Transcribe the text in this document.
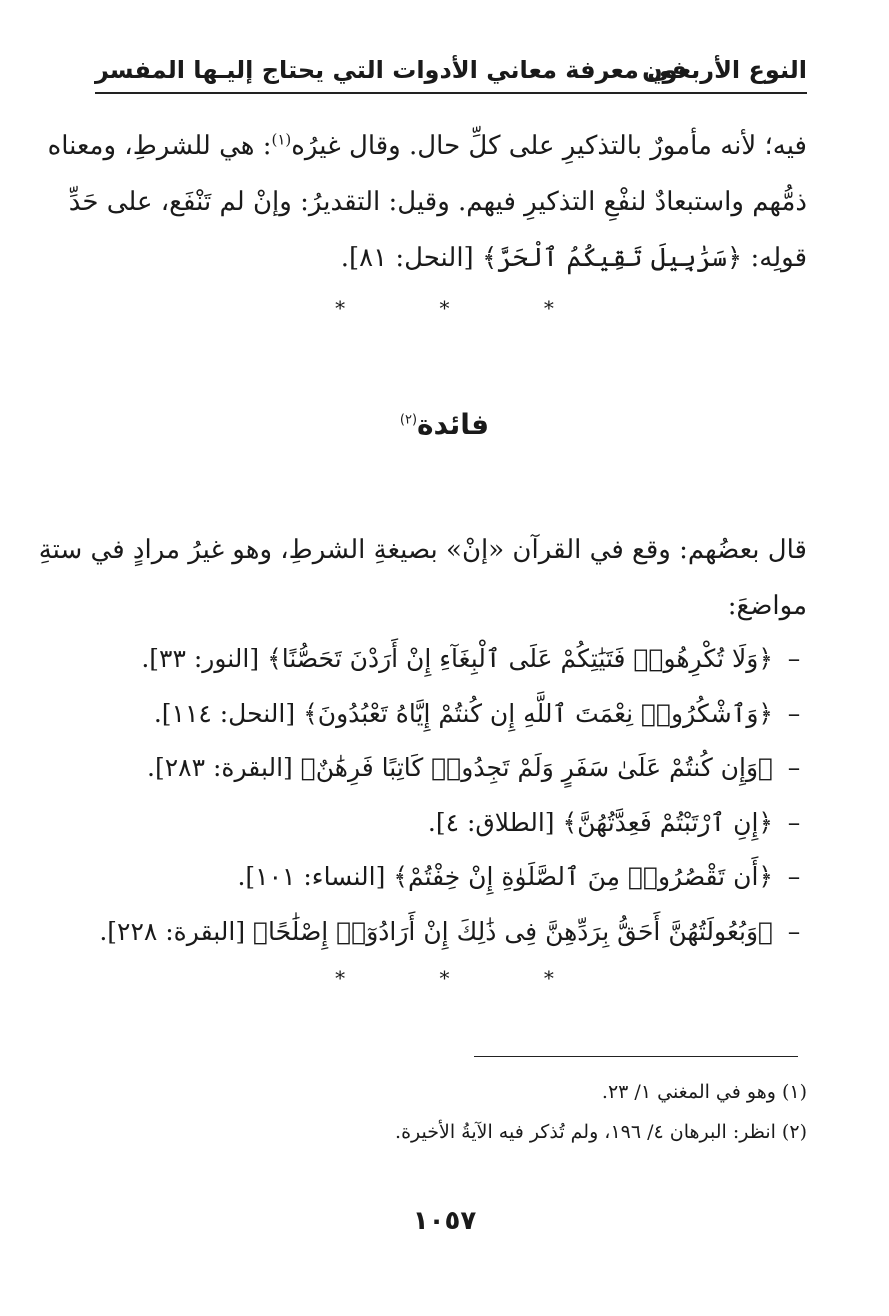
النوع الأربعون
في معرفة معاني الأدوات التي يحتاج إليـها المفسر
فيه؛ لأنه مأمورٌ بالتذكيرِ على كلِّ حال. وقال غيرُه$^{(١)}$: هي للشرطِ، ومعناه
ذمُّهم واستبعادٌ لنفْعِ التذكيرِ فيهم. وقيل: التقديرُ: وإنْ لم تَنْفَع، على حَدِّ
قولِه: ﴿سَرَٰبِيلَ تَقِيكُمُ ٱلْحَرَّ﴾ [النحل: ٨١].
* * *
فائدة$^{(٢)}$
قال بعضُهم: وقع في القرآن «إنْ» بصيغةِ الشرطِ، وهو غيرُ مرادٍ في ستةِ
مواضعَ:
– ﴿وَلَا تُكْرِهُوا۟ فَتَيَٰتِكُمْ عَلَى ٱلْبِغَآءِ إِنْ أَرَدْنَ تَحَصُّنًا﴾ [النور: ٣٣].
– ﴿وَٱشْكُرُوا۟ نِعْمَتَ ٱللَّهِ إِن كُنتُمْ إِيَّاهُ تَعْبُدُونَ﴾ [النحل: ١١٤].
– ﴿وَإِن كُنتُمْ عَلَىٰ سَفَرٍ وَلَمْ تَجِدُوا۟ كَاتِبًا فَرِهَٰنٌ﴾ [البقرة: ٢٨٣].
– ﴿إِنِ ٱرْتَبْتُمْ فَعِدَّتُهُنَّ﴾ [الطلاق: ٤].
– ﴿أَن تَقْصُرُوا۟ مِنَ ٱلصَّلَوٰةِ إِنْ خِفْتُمْ﴾ [النساء: ١٠١].
– ﴿وَبُعُولَتُهُنَّ أَحَقُّ بِرَدِّهِنَّ فِى ذَٰلِكَ إِنْ أَرَادُوٓا۟ إِصْلَٰحًا﴾ [البقرة: ٢٢٨].
* * *
(١) وهو في المغني ١/ ٢٣.
(٢) انظر: البرهان ٤/ ١٩٦، ولم تُذكر فيه الآيةُ الأخيرة.
١٠٥٧
